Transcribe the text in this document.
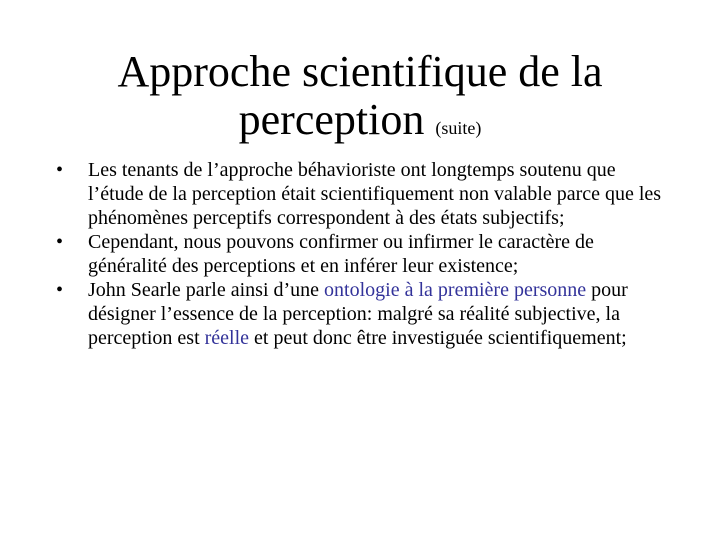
Approche scientifique de la perception (suite)
•	Les tenants de l’approche béhavioriste ont longtemps soutenu que l’étude de la perception était scientifiquement non valable parce que les phénomènes perceptifs correspondent à des états subjectifs;
•	Cependant, nous pouvons confirmer ou infirmer le caractère de généralité des perceptions et en inférer leur existence;
•	John Searle parle ainsi d’une ontologie à la première personne pour désigner l’essence de la perception: malgré sa réalité subjective, la perception est réelle et peut donc être investiguée scientifiquement;
